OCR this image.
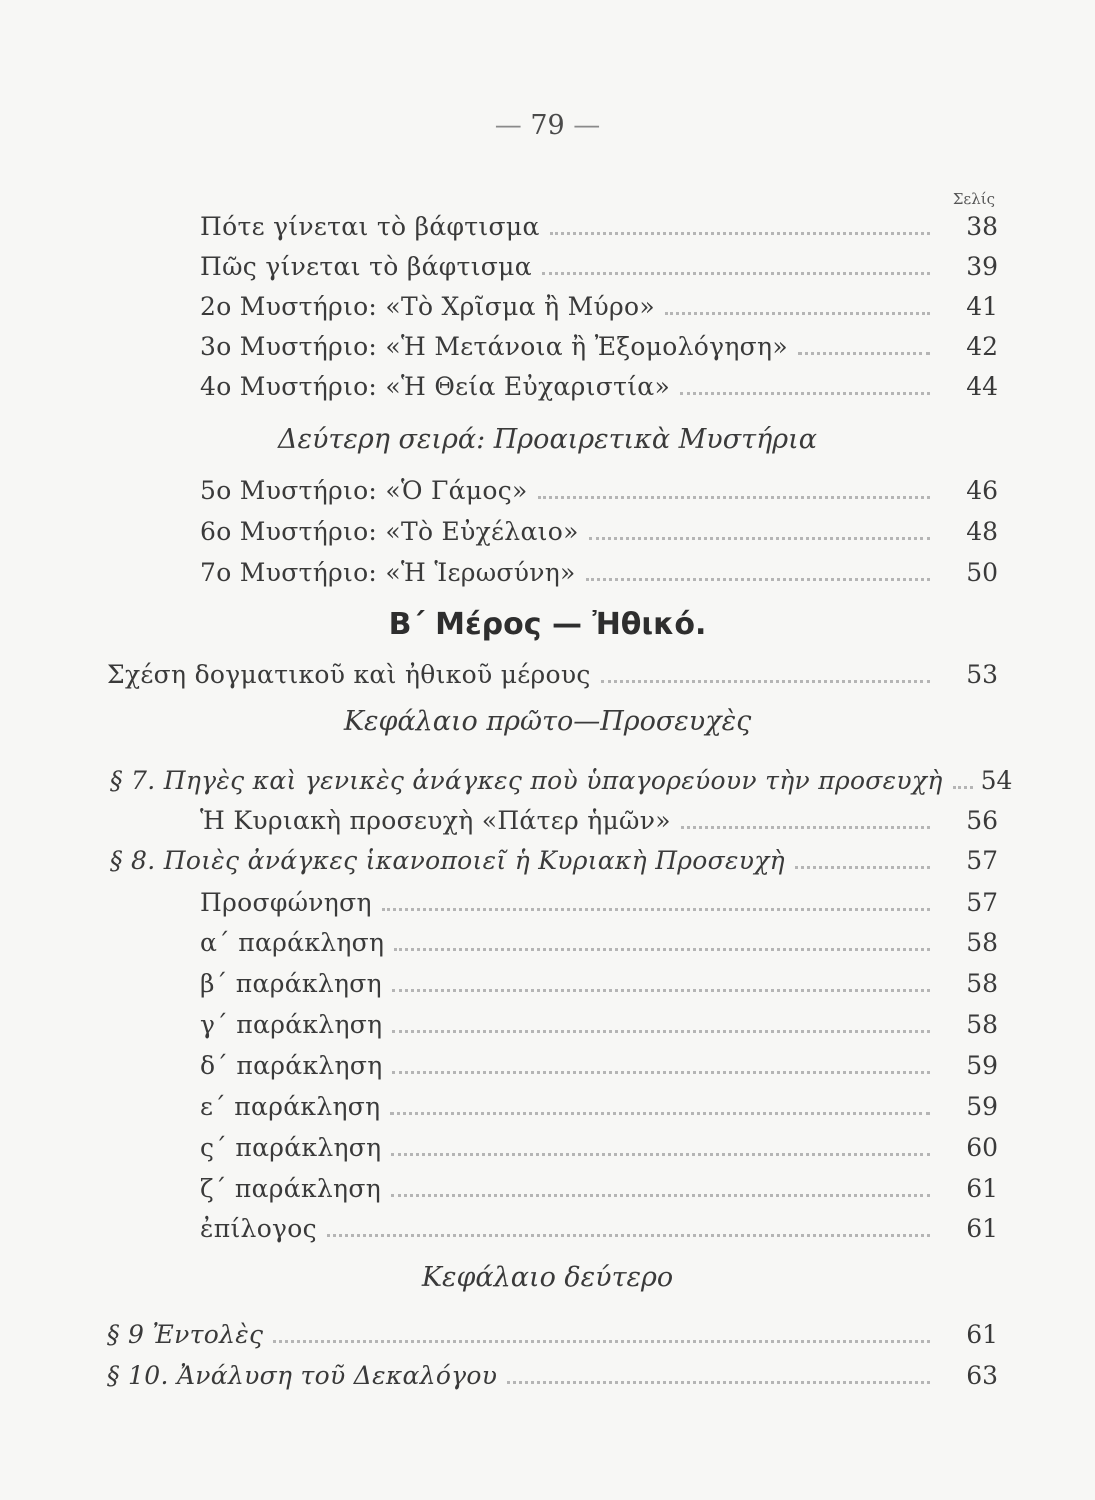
— 79 —
Σελίς
Πότε γίνεται τὸ βάφτισμα	38
Πῶς γίνεται τὸ βάφτισμα	39
2ο Μυστήριο: «Τὸ Χρῖσμα ἢ Μύρο»	41
3ο Μυστήριο: «Ἡ Μετάνοια ἢ Ἐξομολόγηση»	42
4ο Μυστήριο: «Ἡ Θεία Εὐχαριστία»	44
Δεύτερη σειρά: Προαιρετικὰ Μυστήρια
5ο Μυστήριο: «Ὁ Γάμος»	46
6ο Μυστήριο: «Τὸ Εὐχέλαιο»	48
7ο Μυστήριο: «Ἡ Ἱερωσύνη»	50
Β΄ Μέρος — Ἠθικό.
Σχέση δογματικοῦ καὶ ἠθικοῦ μέρους	53
Κεφάλαιο πρῶτο—Προσευχὲς
§ 7. Πηγὲς καὶ γενικὲς ἀνάγκες ποὺ ὑπαγορεύουν τὴν προσευχὴ	54
Ἡ Κυριακὴ προσευχὴ «Πάτερ ἡμῶν»	56
§ 8. Ποιὲς ἀνάγκες ἱκανοποιεῖ ἡ Κυριακὴ Προσευχὴ	57
Προσφώνηση	57
α΄ παράκληση	58
β΄ παράκληση	58
γ΄ παράκληση	58
δ΄ παράκληση	59
ε΄ παράκληση	59
ς΄ παράκληση	60
ζ΄ παράκληση	61
ἐπίλογος	61
Κεφάλαιο δεύτερο
§ 9 Ἐντολὲς	61
§ 10. Ἀνάλυση τοῦ Δεκαλόγου	63
